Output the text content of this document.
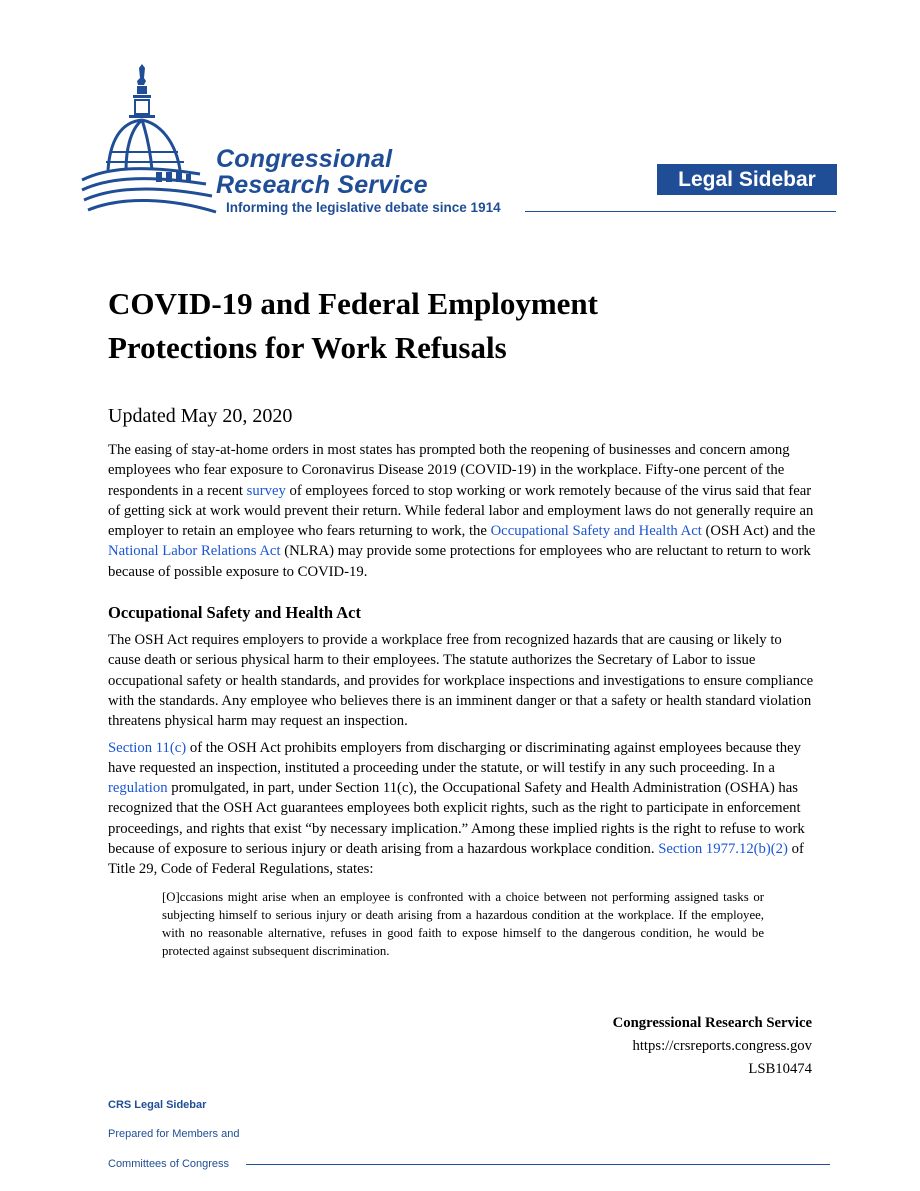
Congressional
Research Service
Informing the legislative debate since 1914
Legal Sidebar
COVID-19 and Federal Employment
Protections for Work Refusals
Updated May 20, 2020

The easing of stay-at-home orders in most states has prompted both the reopening of businesses and concern among employees who fear exposure to Coronavirus Disease 2019 (COVID-19) in the workplace. Fifty-one percent of the respondents in a recent survey of employees forced to stop working or work remotely because of the virus said that fear of getting sick at work would prevent their return. While federal labor and employment laws do not generally require an employer to retain an employee who fears returning to work, the Occupational Safety and Health Act (OSH Act) and the National Labor Relations Act (NLRA) may provide some protections for employees who are reluctant to return to work because of possible exposure to COVID-19.

Occupational Safety and Health Act

The OSH Act requires employers to provide a workplace free from recognized hazards that are causing or likely to cause death or serious physical harm to their employees. The statute authorizes the Secretary of Labor to issue occupational safety or health standards, and provides for workplace inspections and investigations to ensure compliance with the standards. Any employee who believes there is an imminent danger or that a safety or health standard violation threatens physical harm may request an inspection.

Section 11(c) of the OSH Act prohibits employers from discharging or discriminating against employees because they have requested an inspection, instituted a proceeding under the statute, or will testify in any such proceeding. In a regulation promulgated, in part, under Section 11(c), the Occupational Safety and Health Administration (OSHA) has recognized that the OSH Act guarantees employees both explicit rights, such as the right to participate in enforcement proceedings, and rights that exist “by necessary implication.” Among these implied rights is the right to refuse to work because of exposure to serious injury or death arising from a hazardous workplace condition. Section 1977.12(b)(2) of Title 29, Code of Federal Regulations, states:

[O]ccasions might arise when an employee is confronted with a choice between not performing assigned tasks or subjecting himself to serious injury or death arising from a hazardous condition at the workplace. If the employee, with no reasonable alternative, refuses in good faith to expose himself to the dangerous condition, he would be protected against subsequent discrimination.
Congressional Research Service
https://crsreports.congress.gov
LSB10474
CRS Legal Sidebar
Prepared for Members and
Committees of Congress
